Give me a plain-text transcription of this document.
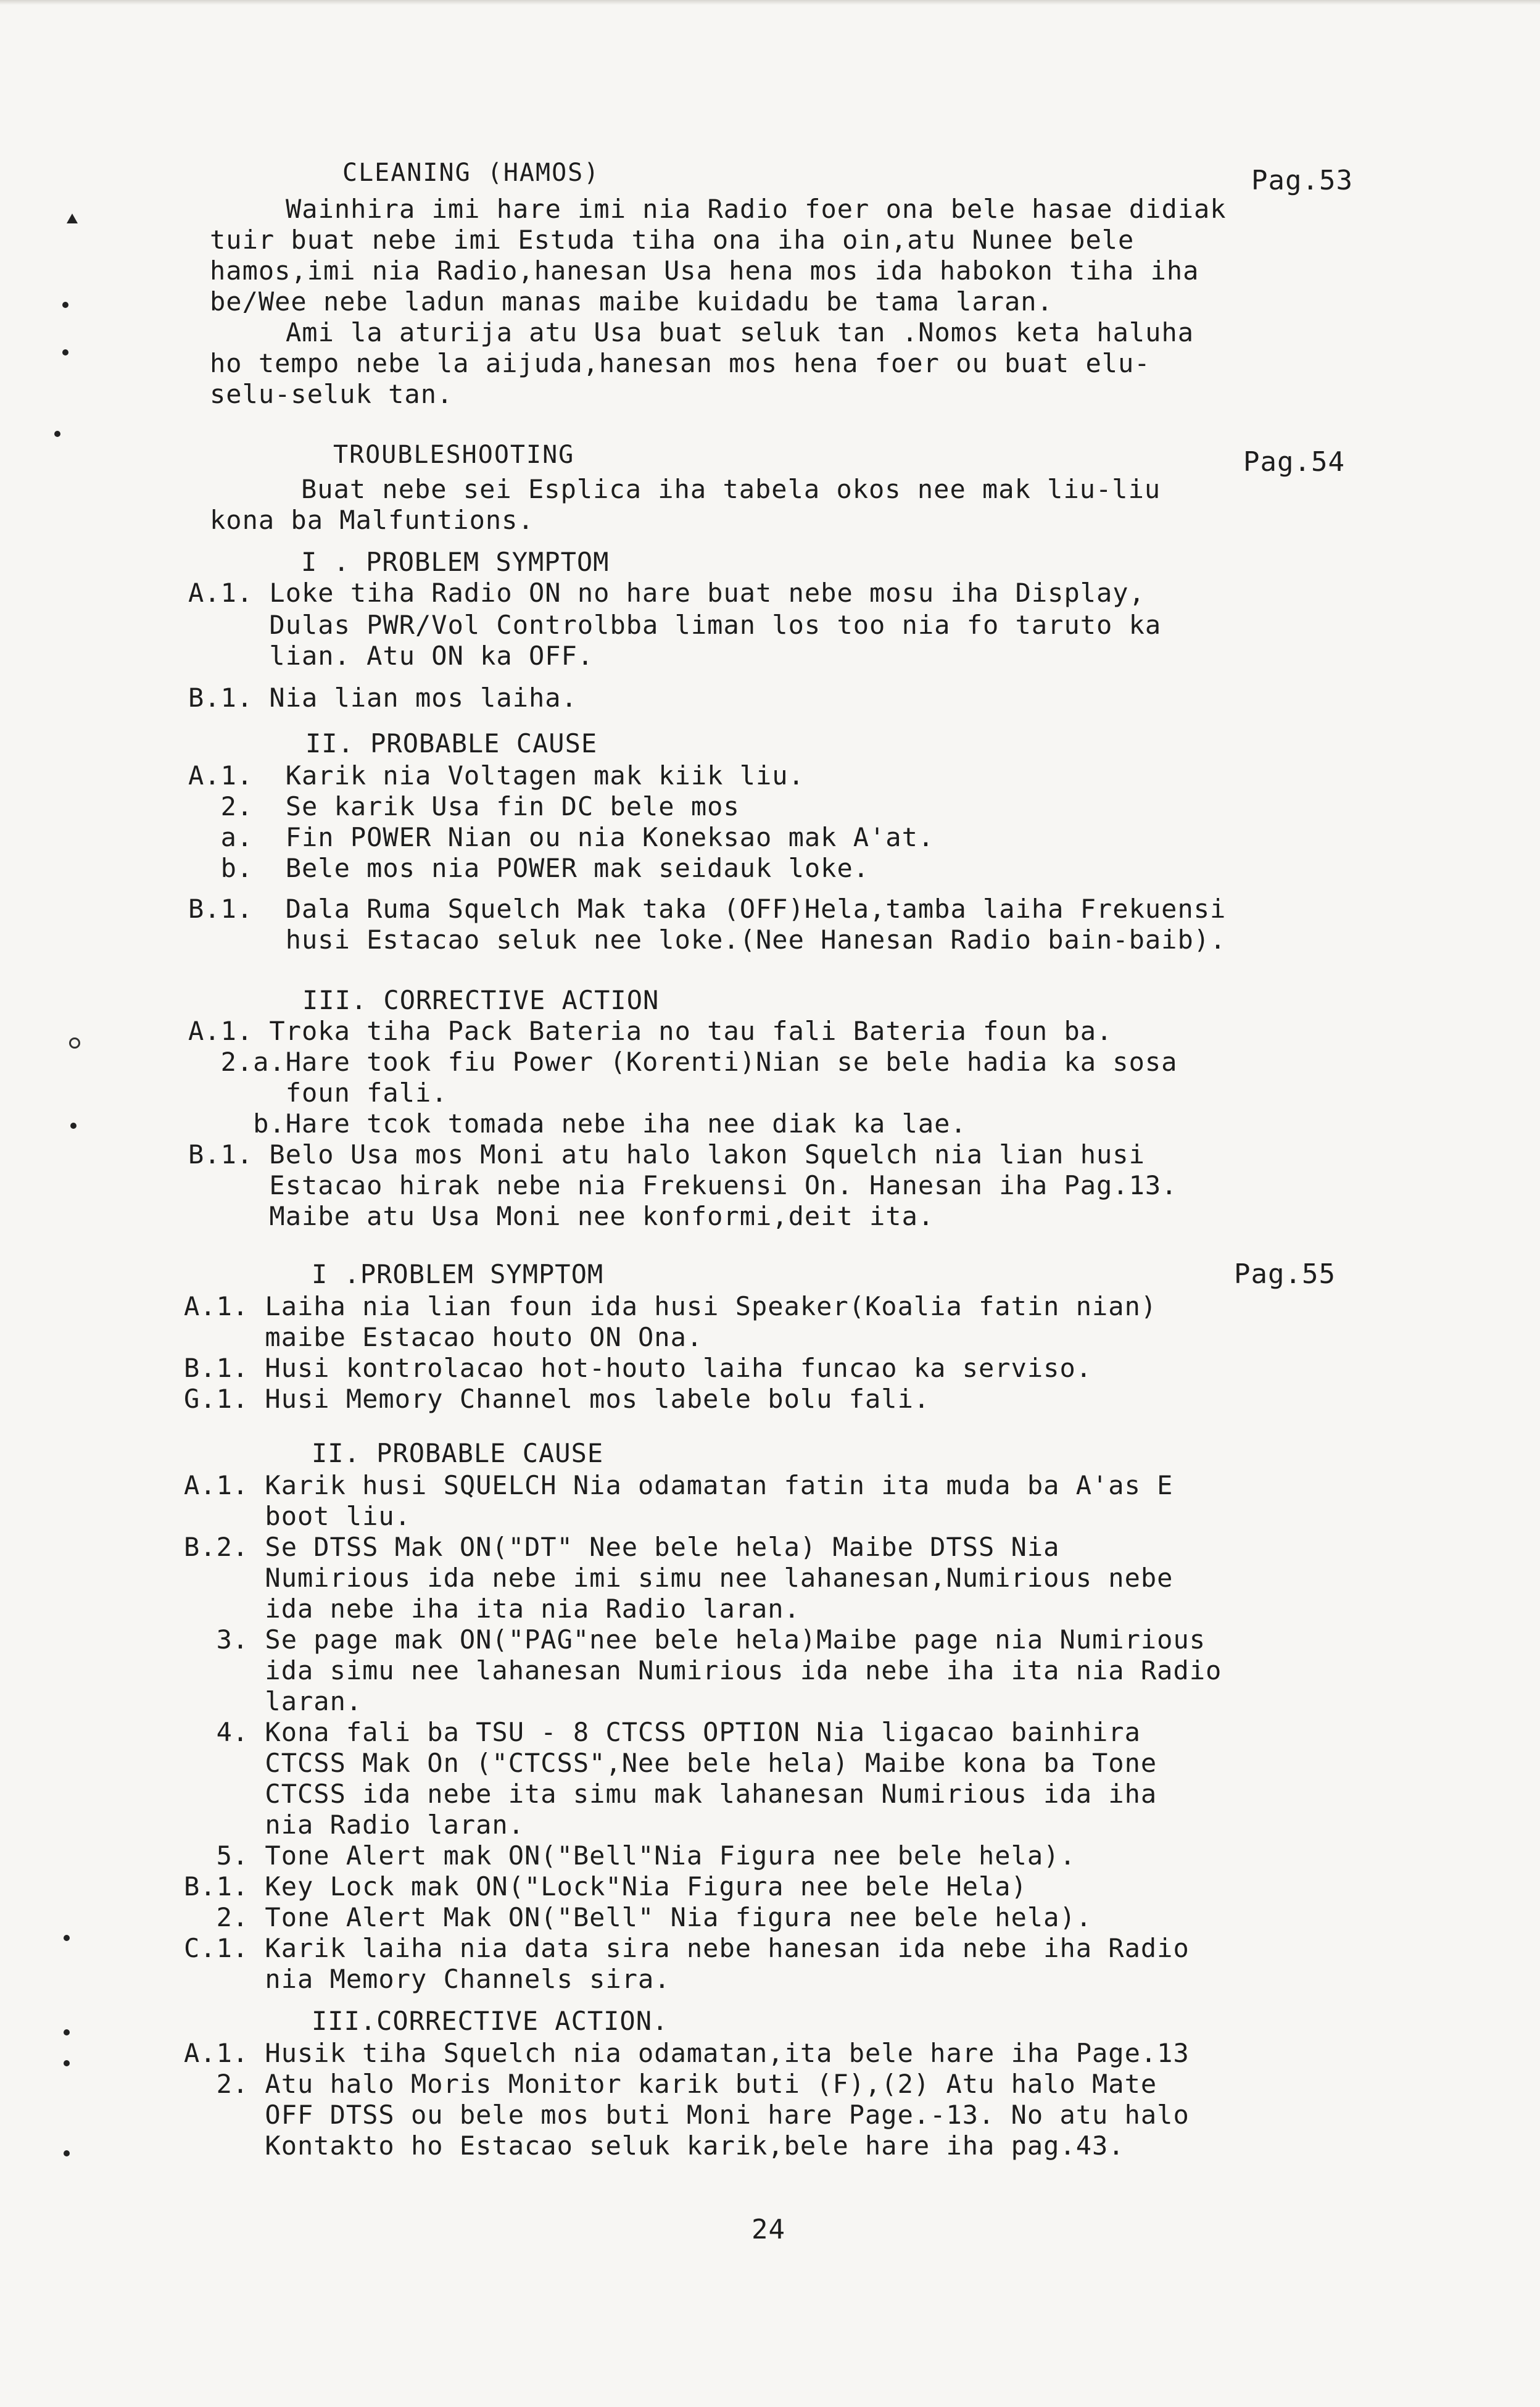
CLEANING (HAMOS)	Pag.53
Wainhira imi hare imi nia Radio foer ona bele hasae didiak
tuir buat nebe imi Estuda tiha ona iha oin,atu Nunee bele
hamos,imi nia Radio,hanesan Usa hena mos ida habokon tiha iha
be/Wee nebe ladun manas maibe kuidadu be tama laran.
Ami la aturija atu Usa buat seluk tan .Nomos keta haluha
ho tempo nebe la aijuda,hanesan mos hena foer ou buat elu-
selu-seluk tan.
TROUBLESHOOTING	Pag.54
Buat nebe sei Esplica iha tabela okos nee mak liu-liu
kona ba Malfuntions.
I . PROBLEM SYMPTOM
A.1. Loke tiha Radio ON no hare buat nebe mosu iha Display,
Dulas PWR/Vol Controlbba liman los too nia fo taruto ka
lian. Atu ON ka OFF.
B.1. Nia lian mos laiha.
II. PROBABLE CAUSE
A.1.  Karik nia Voltagen mak kiik liu.
2.  Se karik Usa fin DC bele mos
a.  Fin POWER Nian ou nia Koneksao mak A'at.
b.  Bele mos nia POWER mak seidauk loke.
B.1.  Dala Ruma Squelch Mak taka (OFF)Hela,tamba laiha Frekuensi
husi Estacao seluk nee loke.(Nee Hanesan Radio bain-baib).
III. CORRECTIVE ACTION
A.1. Troka tiha Pack Bateria no tau fali Bateria foun ba.
2.a.Hare took fiu Power (Korenti)Nian se bele hadia ka sosa
foun fali.
b.Hare tcok tomada nebe iha nee diak ka lae.
B.1. Belo Usa mos Moni atu halo lakon Squelch nia lian husi
Estacao hirak nebe nia Frekuensi On. Hanesan iha Pag.13.
Maibe atu Usa Moni nee konformi,deit ita.
I .PROBLEM SYMPTOM	Pag.55
A.1. Laiha nia lian foun ida husi Speaker(Koalia fatin nian)
maibe Estacao houto ON Ona.
B.1. Husi kontrolacao hot-houto laiha funcao ka serviso.
G.1. Husi Memory Channel mos labele bolu fali.
II. PROBABLE CAUSE
A.1. Karik husi SQUELCH Nia odamatan fatin ita muda ba A'as E
boot liu.
B.2. Se DTSS Mak ON("DT" Nee bele hela) Maibe DTSS Nia
Numirious ida nebe imi simu nee lahanesan,Numirious nebe
ida nebe iha ita nia Radio laran.
3. Se page mak ON("PAG"nee bele hela)Maibe page nia Numirious
ida simu nee lahanesan Numirious ida nebe iha ita nia Radio
laran.
4. Kona fali ba TSU - 8 CTCSS OPTION Nia ligacao bainhira
CTCSS Mak On ("CTCSS",Nee bele hela) Maibe kona ba Tone
CTCSS ida nebe ita simu mak lahanesan Numirious ida iha
nia Radio laran.
5. Tone Alert mak ON("Bell"Nia Figura nee bele hela).
B.1. Key Lock mak ON("Lock"Nia Figura nee bele Hela)
2. Tone Alert Mak ON("Bell" Nia figura nee bele hela).
C.1. Karik laiha nia data sira nebe hanesan ida nebe iha Radio
nia Memory Channels sira.
III.CORRECTIVE ACTION.
A.1. Husik tiha Squelch nia odamatan,ita bele hare iha Page.13
2. Atu halo Moris Monitor karik buti (F),(2) Atu halo Mate
OFF DTSS ou bele mos buti Moni hare Page.-13. No atu halo
Kontakto ho Estacao seluk karik,bele hare iha pag.43.
24
